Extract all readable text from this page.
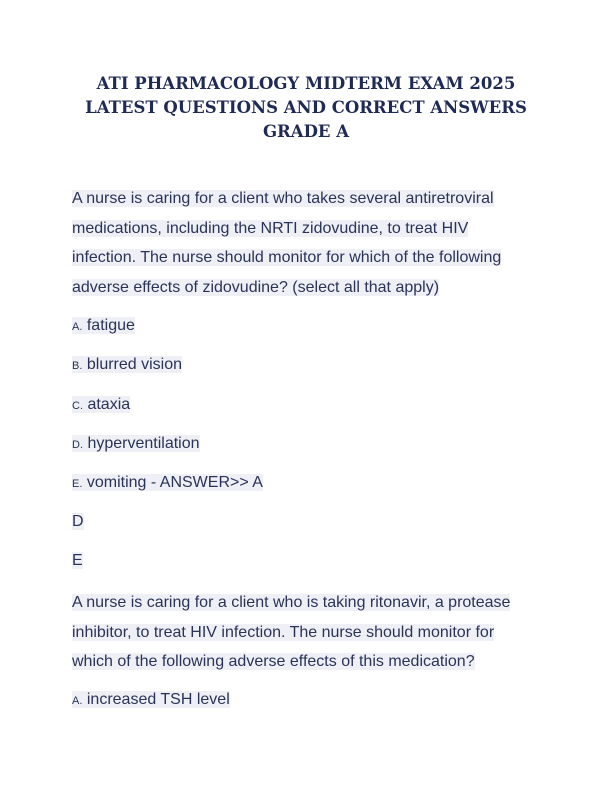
ATI PHARMACOLOGY MIDTERM EXAM 2025
LATEST QUESTIONS AND CORRECT ANSWERS
GRADE A
A nurse is caring for a client who takes several antiretroviral
medications, including the NRTI zidovudine, to treat HIV
infection. The nurse should monitor for which of the following
adverse effects of zidovudine? (select all that apply)
A. fatigue
B. blurred vision
C. ataxia
D. hyperventilation
E. vomiting - ANSWER>> A
D
E
A nurse is caring for a client who is taking ritonavir, a protease
inhibitor, to treat HIV infection. The nurse should monitor for
which of the following adverse effects of this medication?
A. increased TSH level
